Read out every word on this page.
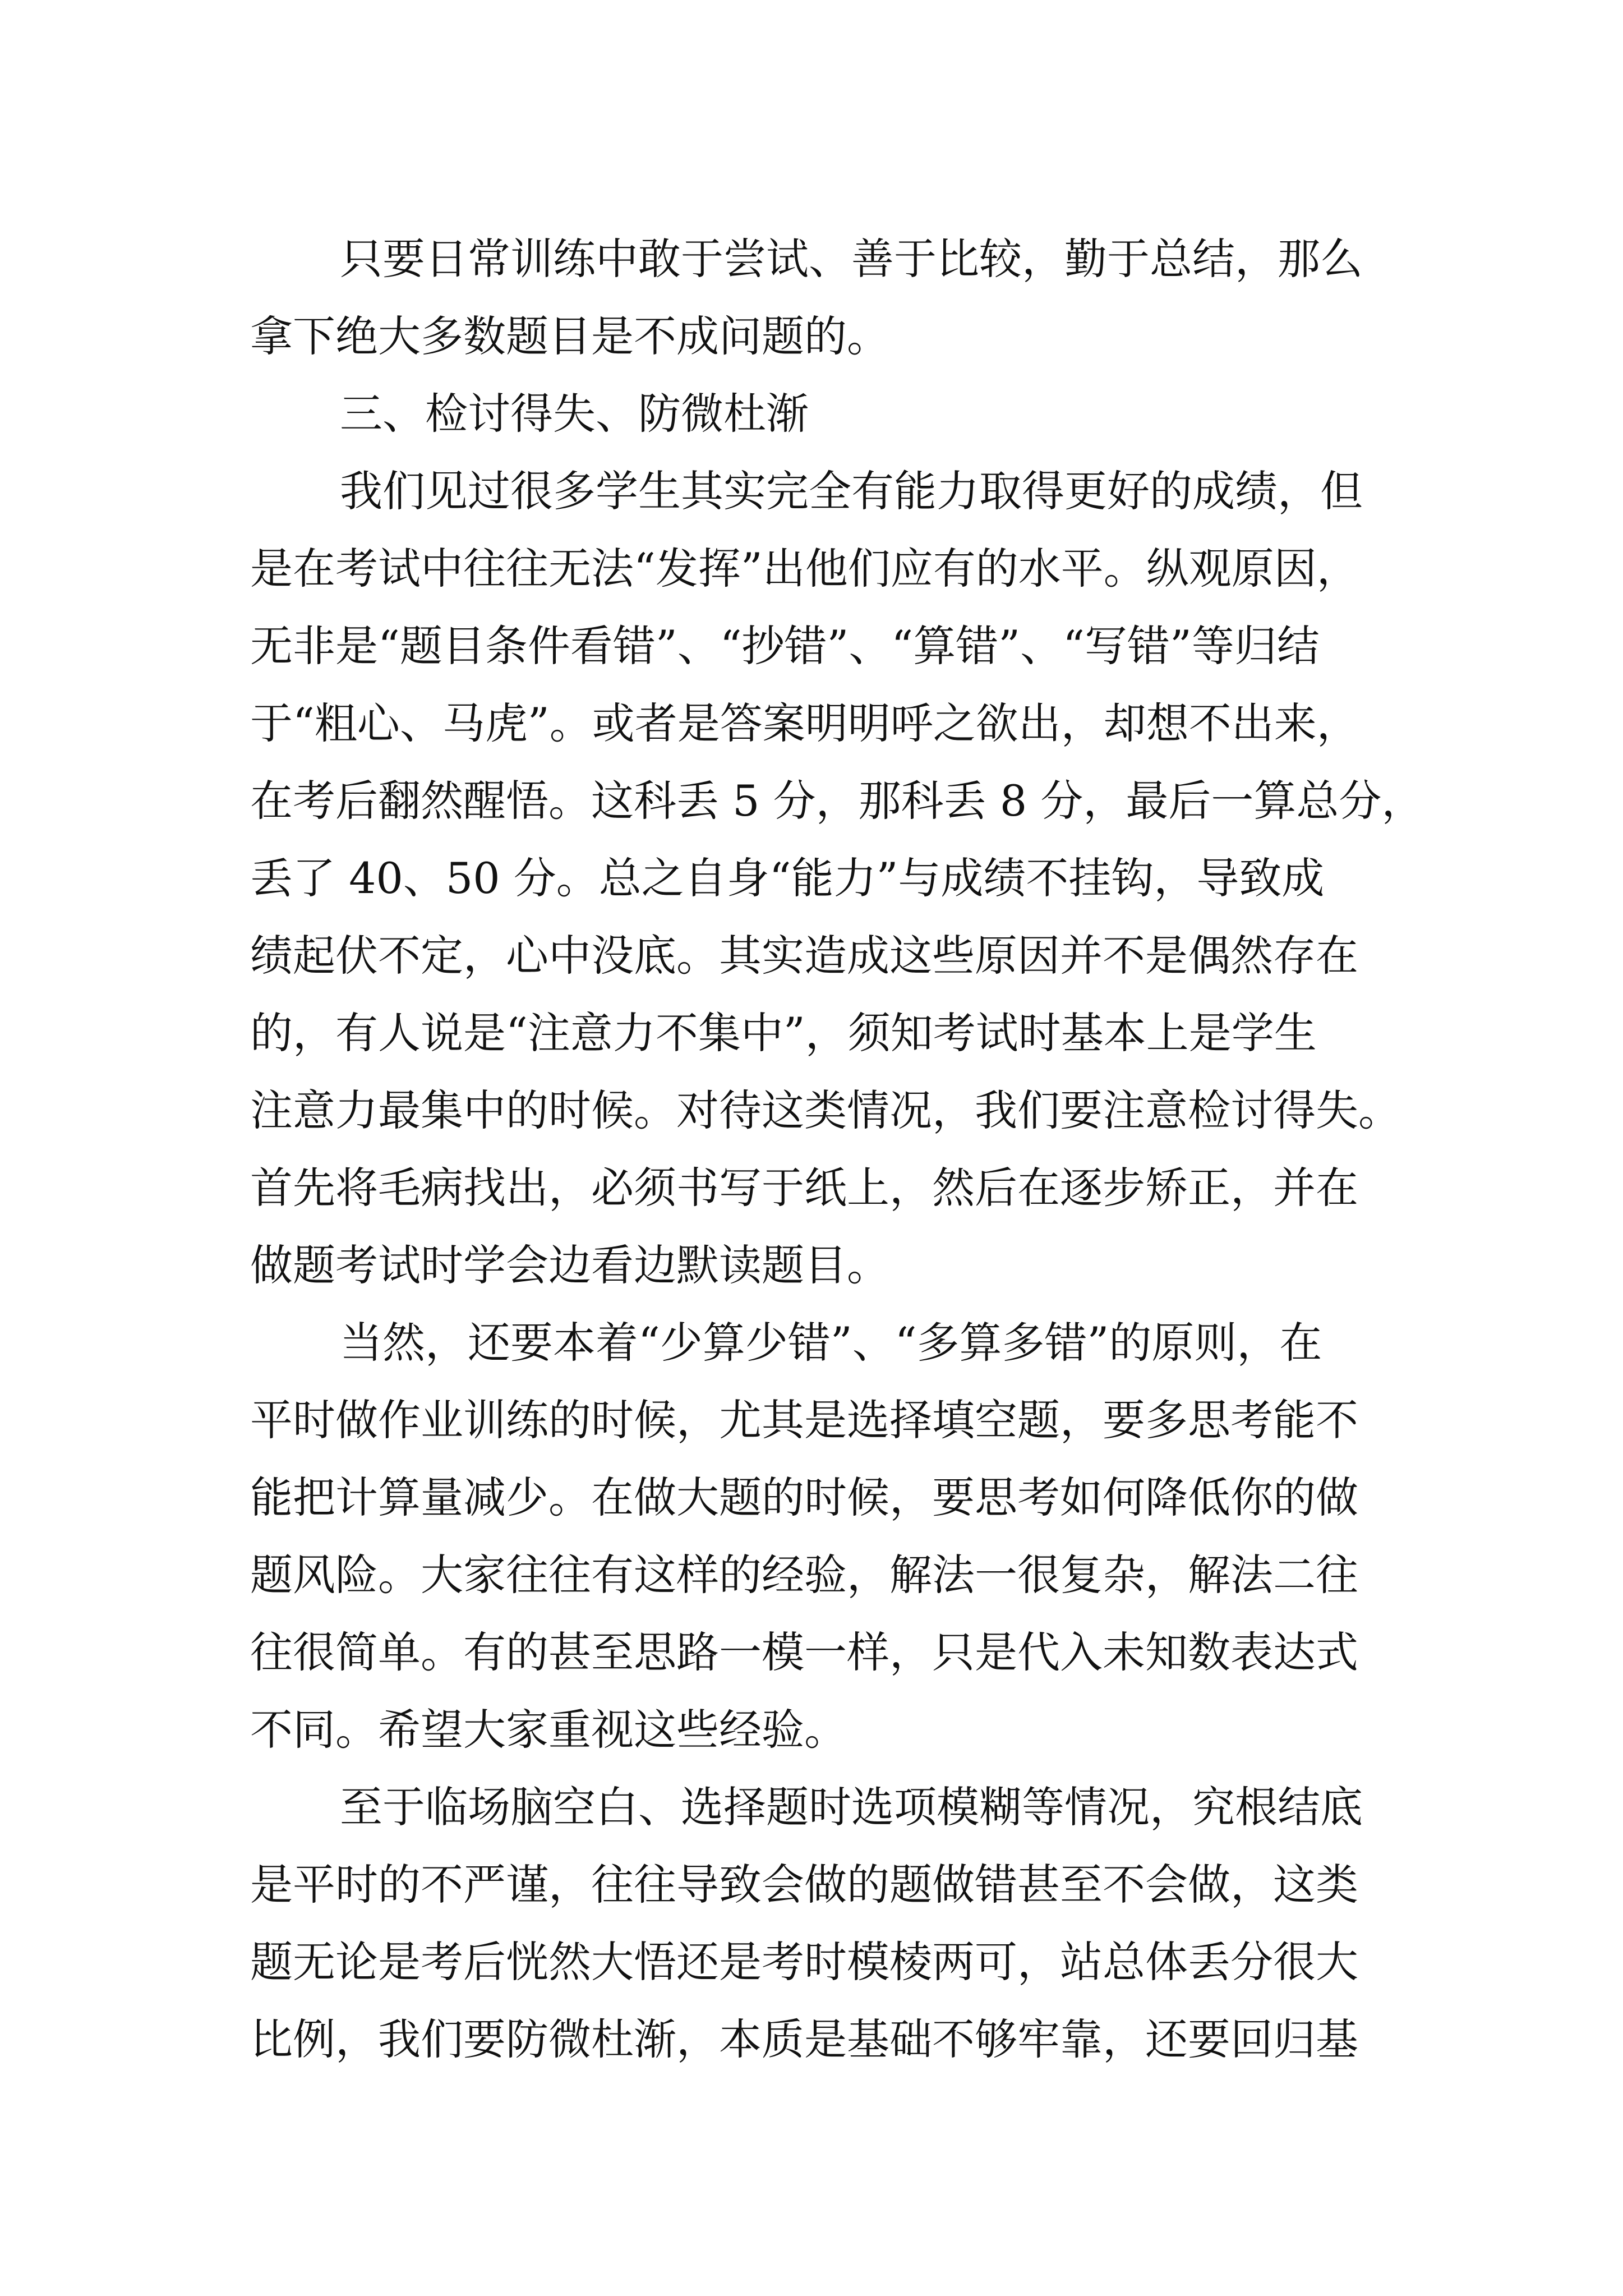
只要日常训练中敢于尝试、善于比较，勤于总结，那么
拿下绝大多数题目是不成问题的。
三、检讨得失、防微杜渐
我们见过很多学生其实完全有能力取得更好的成绩，但
是在考试中往往无法“发挥”出他们应有的水平。纵观原因，
无非是“题目条件看错”、“抄错”、“算错”、“写错”等归结
于“粗心、马虎”。或者是答案明明呼之欲出，却想不出来，
在考后翻然醒悟。这科丢 5 分，那科丢 8 分，最后一算总分，
丢了 40、50 分。总之自身“能力”与成绩不挂钩，导致成
绩起伏不定，心中没底。其实造成这些原因并不是偶然存在
的，有人说是“注意力不集中”，须知考试时基本上是学生
注意力最集中的时候。对待这类情况，我们要注意检讨得失。
首先将毛病找出，必须书写于纸上，然后在逐步矫正，并在
做题考试时学会边看边默读题目。
当然，还要本着“少算少错”、“多算多错”的原则，在
平时做作业训练的时候，尤其是选择填空题，要多思考能不
能把计算量减少。在做大题的时候，要思考如何降低你的做
题风险。大家往往有这样的经验，解法一很复杂，解法二往
往很简单。有的甚至思路一模一样，只是代入未知数表达式
不同。希望大家重视这些经验。
至于临场脑空白、选择题时选项模糊等情况，究根结底
是平时的不严谨，往往导致会做的题做错甚至不会做，这类
题无论是考后恍然大悟还是考时模棱两可，站总体丢分很大
比例，我们要防微杜渐，本质是基础不够牢靠，还要回归基
